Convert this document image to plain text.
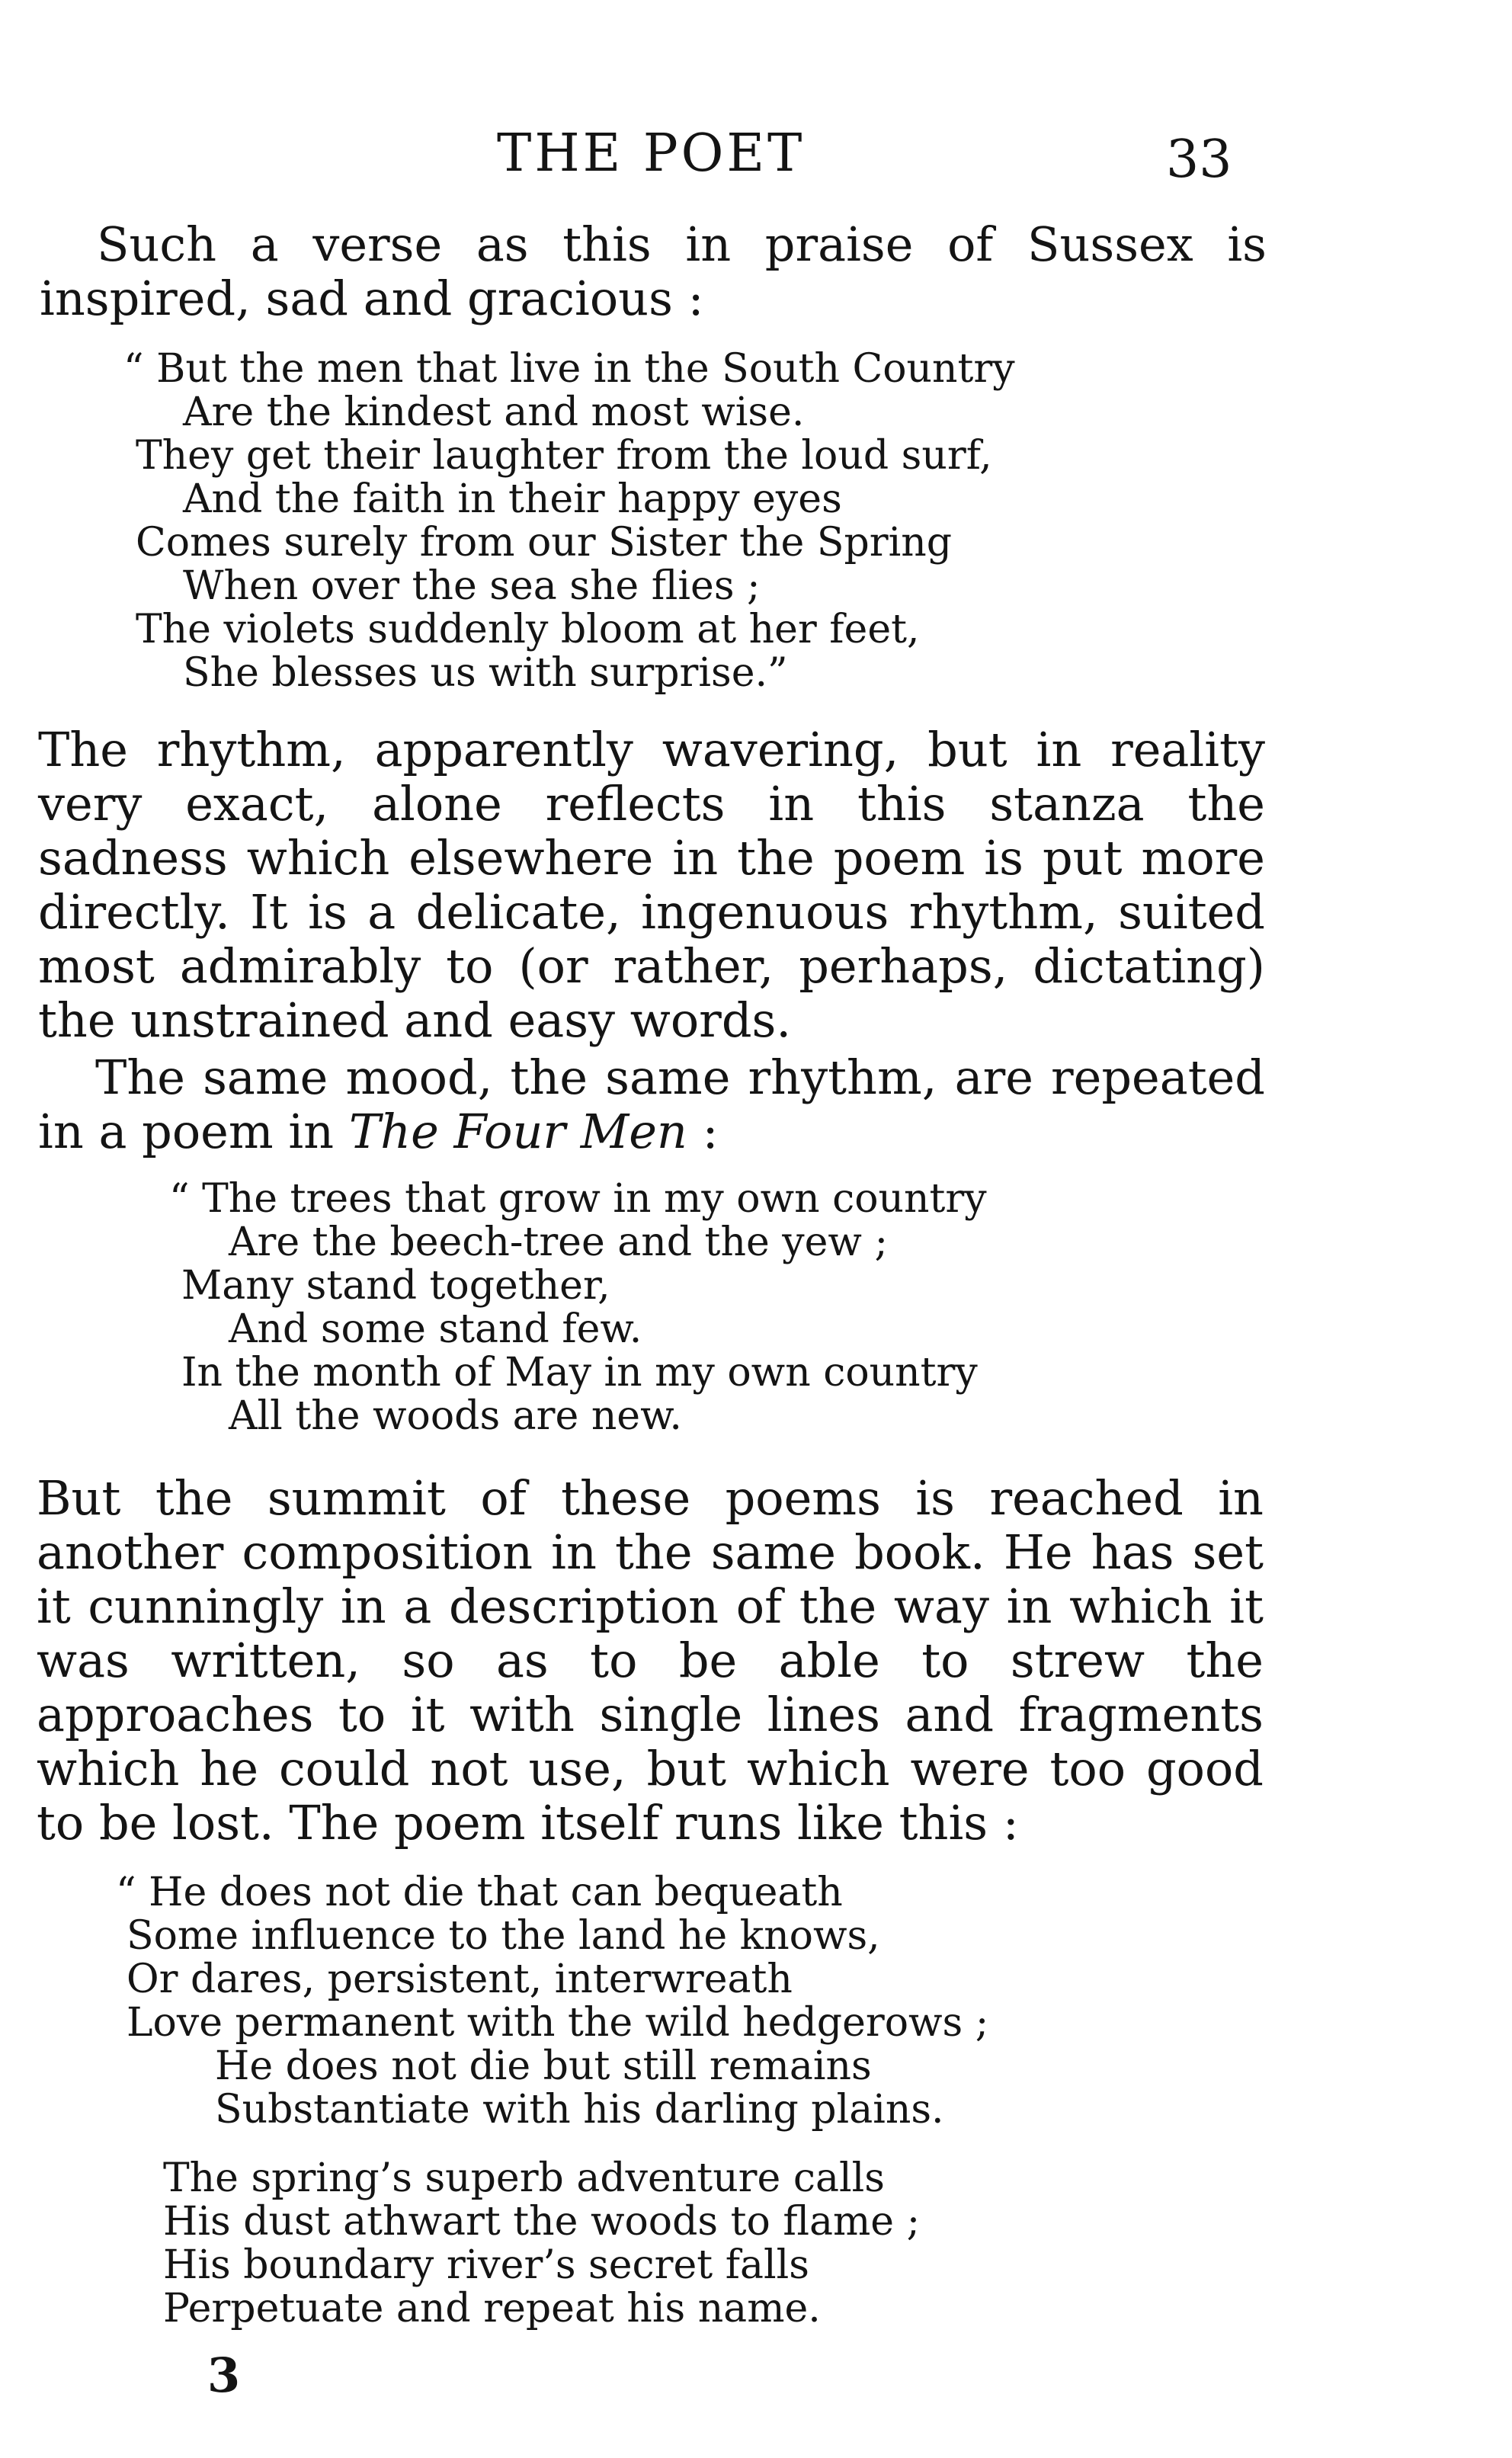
THE POET	33
Such a verse as this in praise of Sussex is inspired, sad and gracious :
“ But the men that live in the South Country
Are the kindest and most wise.
They get their laughter from the loud surf,
And the faith in their happy eyes
Comes surely from our Sister the Spring
When over the sea she flies ;
The violets suddenly bloom at her feet,
She blesses us with surprise.”
The rhythm, apparently wavering, but in reality very exact, alone reflects in this stanza the sadness which elsewhere in the poem is put more directly. It is a delicate, ingenuous rhythm, suited most admirably to (or rather, perhaps, dictating) the unstrained and easy words.
The same mood, the same rhythm, are repeated in a poem in The Four Men :
“ The trees that grow in my own country
Are the beech-tree and the yew ;
Many stand together,
And some stand few.
In the month of May in my own country
All the woods are new.
But the summit of these poems is reached in another composition in the same book. He has set it cunningly in a description of the way in which it was written, so as to be able to strew the approaches to it with single lines and fragments which he could not use, but which were too good to be lost. The poem itself runs like this :
“ He does not die that can bequeath
Some influence to the land he knows,
Or dares, persistent, interwreath
Love permanent with the wild hedgerows ;
He does not die but still remains
Substantiate with his darling plains.
The spring’s superb adventure calls
His dust athwart the woods to flame ;
His boundary river’s secret falls
Perpetuate and repeat his name.
3
